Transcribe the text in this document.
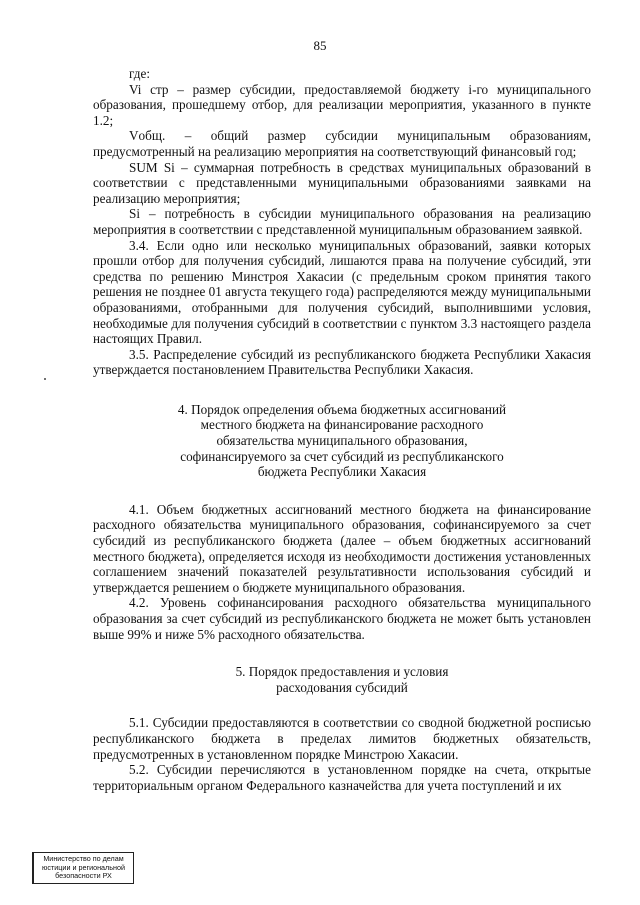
85

где:

Vi стр – размер субсидии, предоставляемой бюджету i-го муниципального образования, прошедшему отбор, для реализации мероприятия, указанного в пункте 1.2;

Vобщ. – общий размер субсидии муниципальным образованиям, предусмотренный на реализацию мероприятия на соответствующий финансовый год;

SUM Si – суммарная потребность в средствах муниципальных образований в соответствии с представленными муниципальными образованиями заявками на реализацию мероприятия;

Si – потребность в субсидии муниципального образования на реализацию мероприятия в соответствии с представленной муниципальным образованием заявкой.

3.4. Если одно или несколько муниципальных образований, заявки которых прошли отбор для получения субсидий, лишаются права на получение субсидий, эти средства по решению Минстроя Хакасии (с предельным сроком принятия такого решения не позднее 01 августа текущего года) распределяются между муниципальными образованиями, отобранными для получения субсидий, выполнившими условия, необходимые для получения субсидий в соответствии с пунктом 3.3 настоящего раздела настоящих Правил.

3.5. Распределение субсидий из республиканского бюджета Республики Хакасия утверждается постановлением Правительства Республики Хакасия.

4. Порядок определения объема бюджетных ассигнований
местного бюджета на финансирование расходного
обязательства муниципального образования,
софинансируемого за счет субсидий из республиканского
бюджета Республики Хакасия

4.1. Объем бюджетных ассигнований местного бюджета на финансирование расходного обязательства муниципального образования, софинансируемого за счет субсидий из республиканского бюджета (далее – объем бюджетных ассигнований местного бюджета), определяется исходя из необходимости достижения установленных соглашением значений показателей результативности использования субсидий и утверждается решением о бюджете муниципального образования.

4.2. Уровень софинансирования расходного обязательства муниципального образования за счет субсидий из республиканского бюджета не может быть установлен выше 99% и ниже 5% расходного обязательства.

5. Порядок предоставления и условия
расходования субсидий

5.1. Субсидии предоставляются в соответствии со сводной бюджетной росписью республиканского бюджета в пределах лимитов бюджетных обязательств, предусмотренных в установленном порядке Минстрою Хакасии.

5.2. Субсидии перечисляются в установленном порядке на счета, открытые территориальным органом Федерального казначейства для учета поступлений и их

Министерство по делам
юстиции и региональной
безопасности РХ
